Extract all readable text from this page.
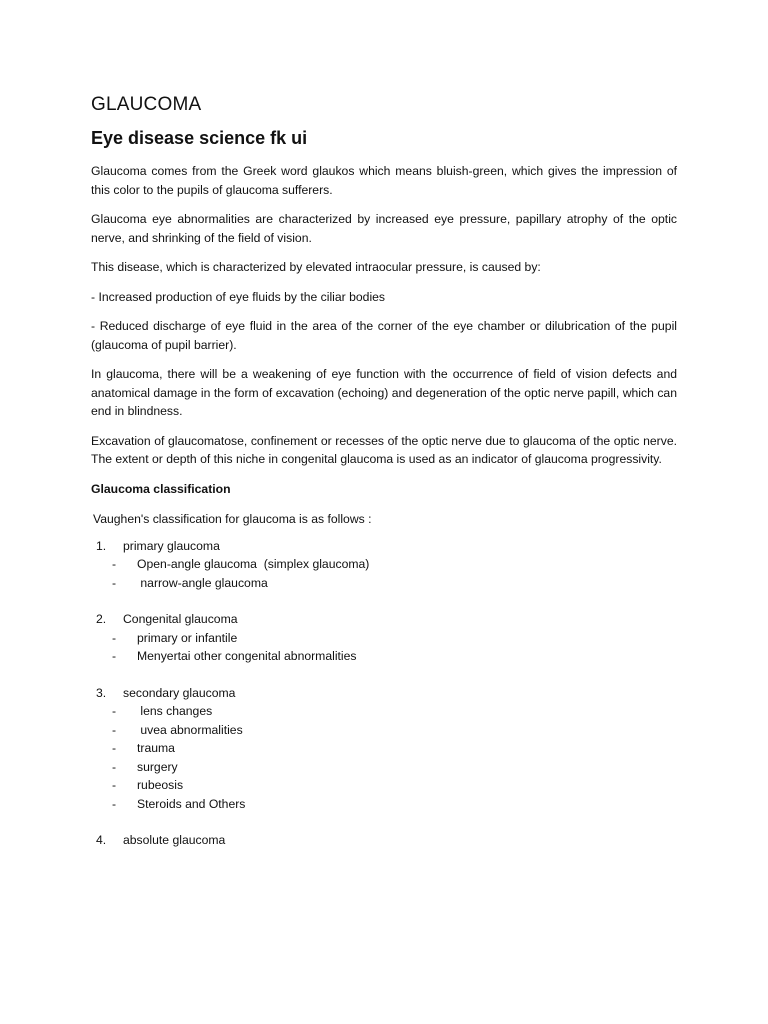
GLAUCOMA
Eye disease science fk ui

Glaucoma comes from the Greek word glaukos which means bluish-green, which gives the impression of this color to the pupils of glaucoma sufferers.

Glaucoma eye abnormalities are characterized by increased eye pressure, papillary atrophy of the optic nerve, and shrinking of the field of vision.

This disease, which is characterized by elevated intraocular pressure, is caused by:

- Increased production of eye fluids by the ciliar bodies

- Reduced discharge of eye fluid in the area of the corner of the eye chamber or dilubrication of the pupil (glaucoma of pupil barrier).

In glaucoma, there will be a weakening of eye function with the occurrence of field of vision defects and anatomical damage in the form of excavation (echoing) and degeneration of the optic nerve papill, which can end in blindness.

Excavation of glaucomatose, confinement or recesses of the optic nerve due to glaucoma of the optic nerve. The extent or depth of this niche in congenital glaucoma is used as an indicator of glaucoma progressivity.

Glaucoma classification
Vaughen's classification for glaucoma is as follows :
1.	primary glaucoma
-	Open-angle glaucoma  (simplex glaucoma)
-	narrow-angle glaucoma
2.	Congenital glaucoma
-	primary or infantile
-	Menyertai other congenital abnormalities
3.	secondary glaucoma
-	lens changes
-	uvea abnormalities
-	trauma
-	surgery
-	rubeosis
-	Steroids and Others
4.	absolute glaucoma
